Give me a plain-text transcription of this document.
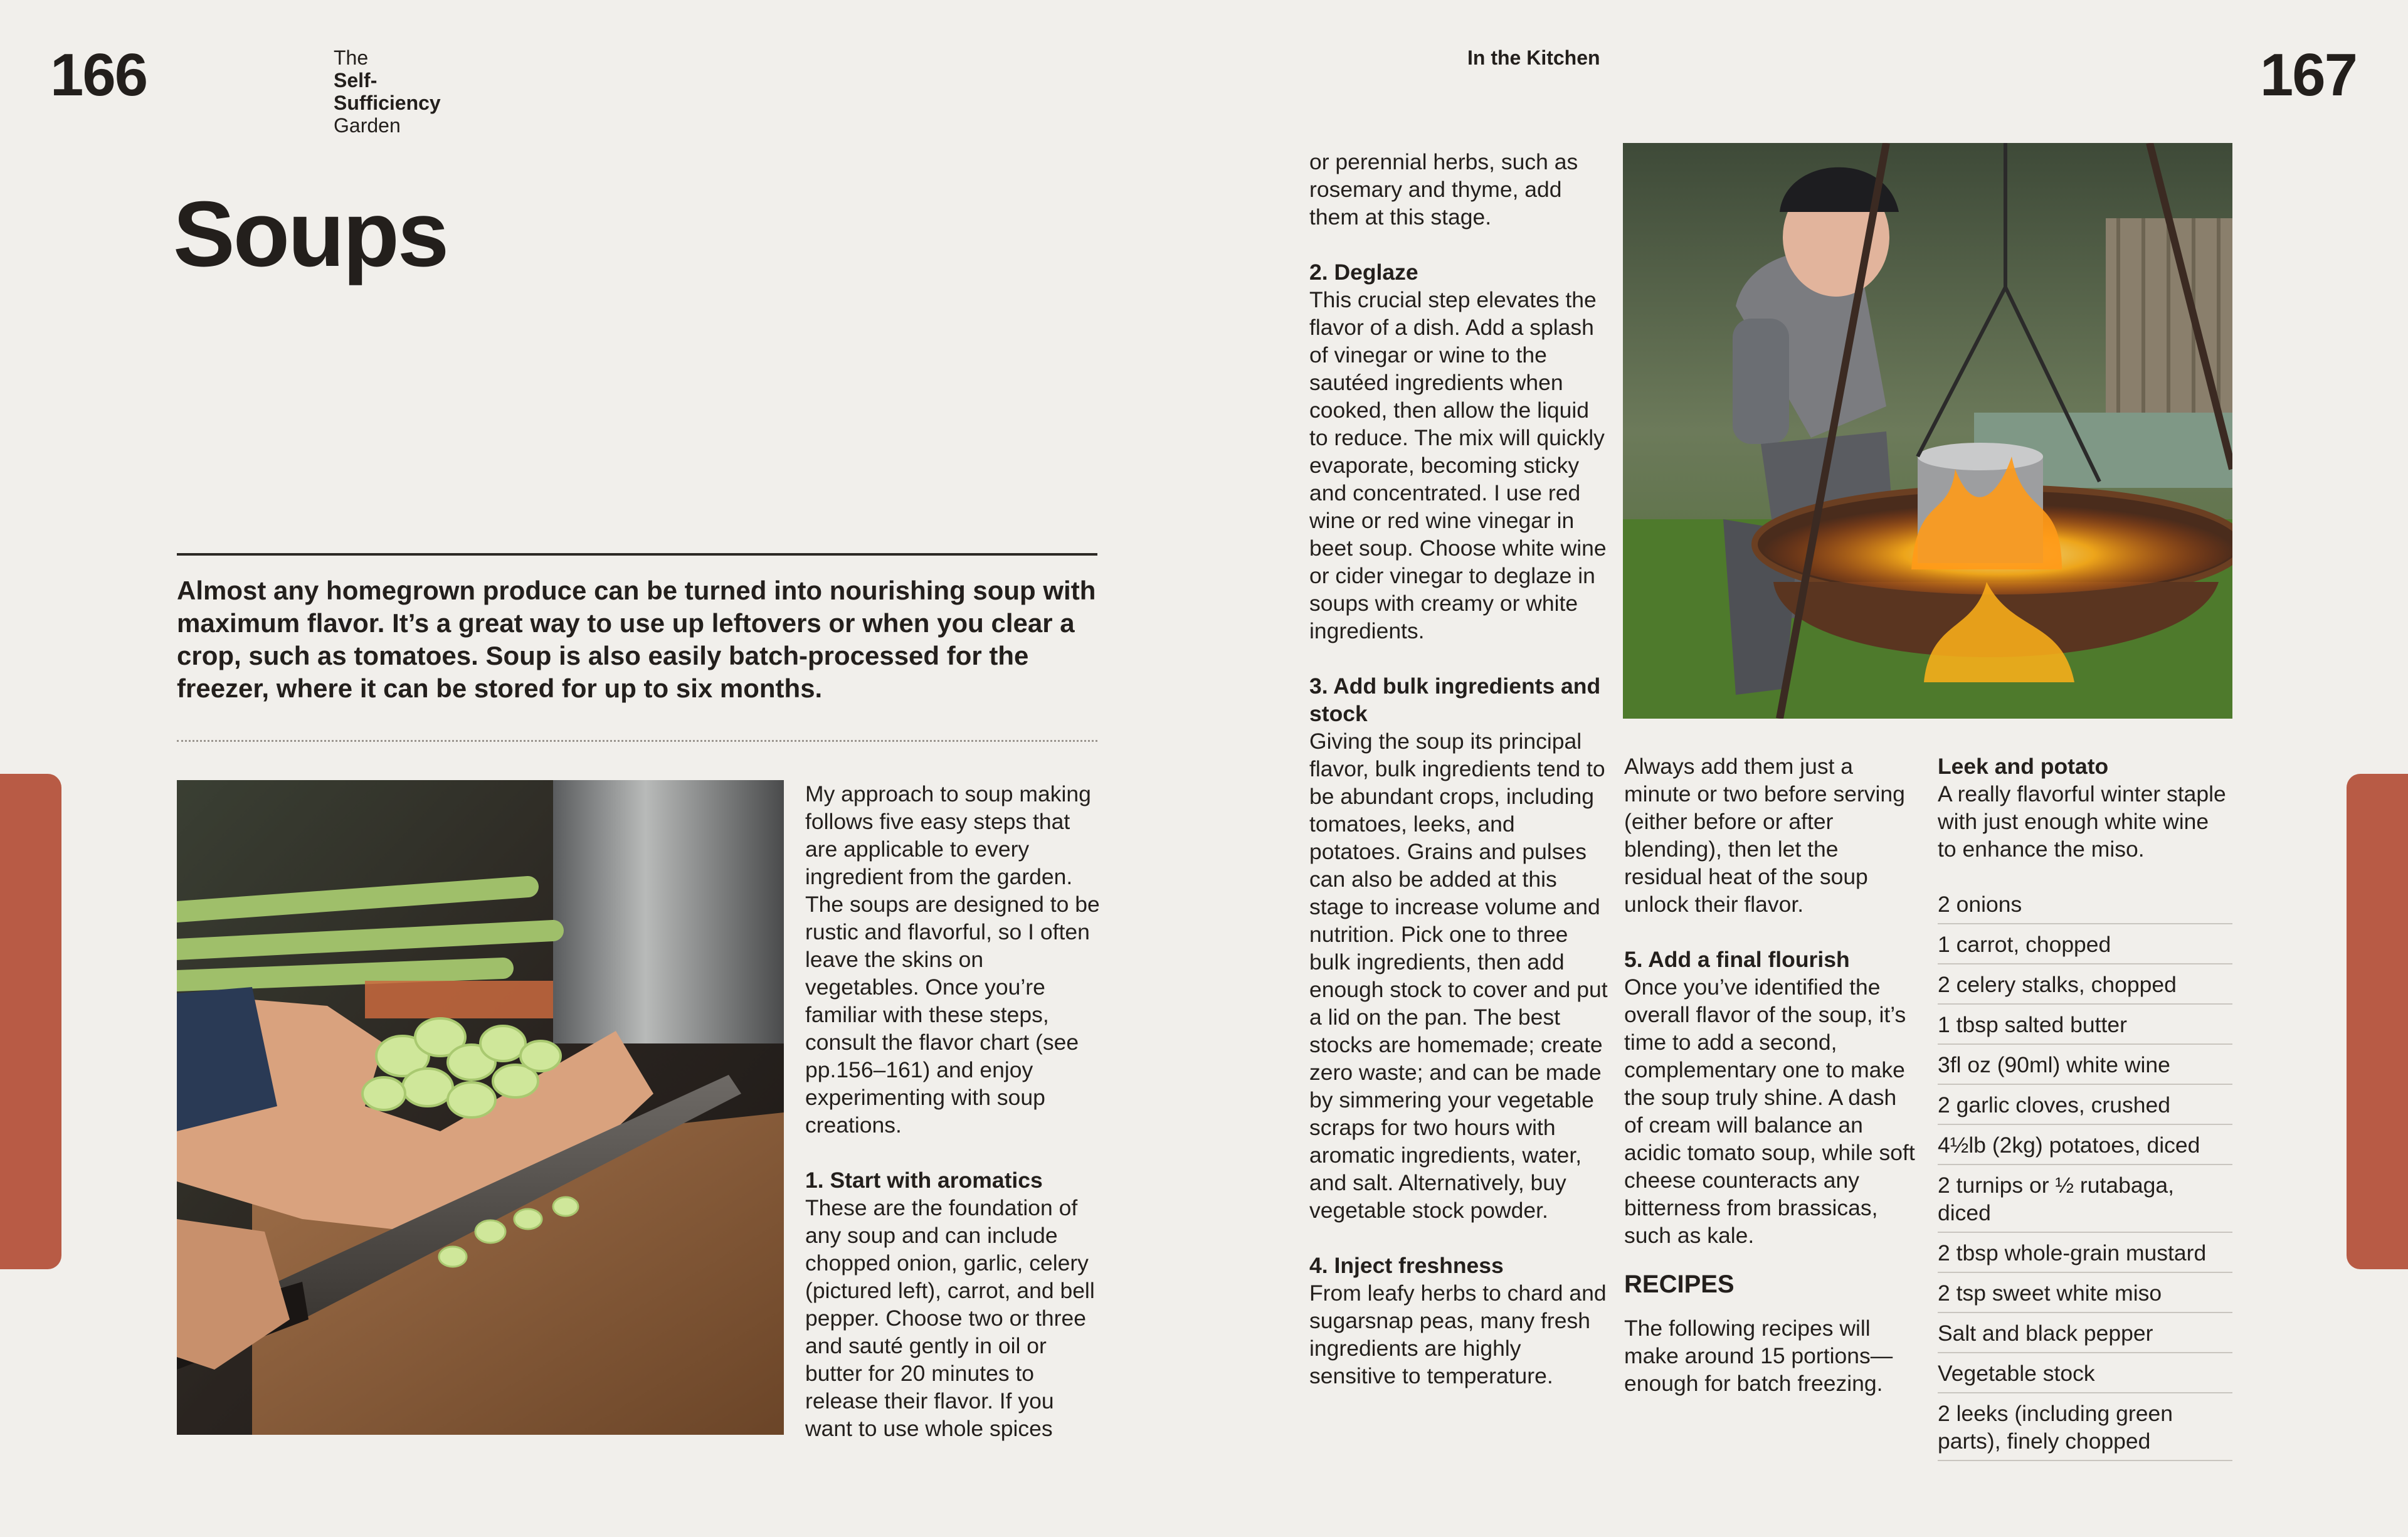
166	167
The
Self-
Sufficiency
Garden
In the Kitchen
Soups
Almost any homegrown produce can be turned into nourishing soup with maximum flavor. It’s a great way to use up leftovers or when you clear a crop, such as tomatoes. Soup is also easily batch-processed for the freezer, where it can be stored for up to six months.

My approach to soup making follows five easy steps that are applicable to every ingredient from the garden. The soups are designed to be rustic and flavorful, so I often leave the skins on vegetables. Once you’re familiar with these steps, consult the flavor chart (see pp.156–161) and enjoy experimenting with soup creations.

1. Start with aromatics

These are the foundation of any soup and can include chopped onion, garlic, celery (pictured left), carrot, and bell pepper. Choose two or three and sauté gently in oil or butter for 20 minutes to release their flavor. If you want to use whole spices

or perennial herbs, such as rosemary and thyme, add them at this stage.

2. Deglaze

This crucial step elevates the flavor of a dish. Add a splash of vinegar or wine to the sautéed ingredients when cooked, then allow the liquid to reduce. The mix will quickly evaporate, becoming sticky and concentrated. I use red wine or red wine vinegar in beet soup. Choose white wine or cider vinegar to deglaze in soups with creamy or white ingredients.

3. Add bulk ingredients and stock

Giving the soup its principal flavor, bulk ingredients tend to be abundant crops, including tomatoes, leeks, and potatoes. Grains and pulses can also be added at this stage to increase volume and nutrition. Pick one to three bulk ingredients, then add enough stock to cover and put a lid on the pan. The best stocks are homemade; create zero waste; and can be made by simmering your vegetable scraps for two hours with aromatic ingredients, water, and salt. Alternatively, buy vegetable stock powder.

4. Inject freshness

From leafy herbs to chard and sugarsnap peas, many fresh ingredients are highly sensitive to temperature.

Always add them just a minute or two before serving (either before or after blending), then let the residual heat of the soup unlock their flavor.

5. Add a final flourish

Once you’ve identified the overall flavor of the soup, it’s time to add a second, complementary one to make the soup truly shine. A dash of cream will balance an acidic tomato soup, while soft cheese counteracts any bitterness from brassicas, such as kale.

RECIPES

The following recipes will make around 15 portions—enough for batch freezing.

Leek and potato

A really flavorful winter staple with just enough white wine to enhance the miso.

2 onions
1 carrot, chopped
2 celery stalks, chopped
1 tbsp salted butter
3fl oz (90ml) white wine
2 garlic cloves, crushed
4½lb (2kg) potatoes, diced
2 turnips or ½ rutabaga, diced
2 tbsp whole-grain mustard
2 tsp sweet white miso
Salt and black pepper
Vegetable stock
2 leeks (including green parts), finely chopped
